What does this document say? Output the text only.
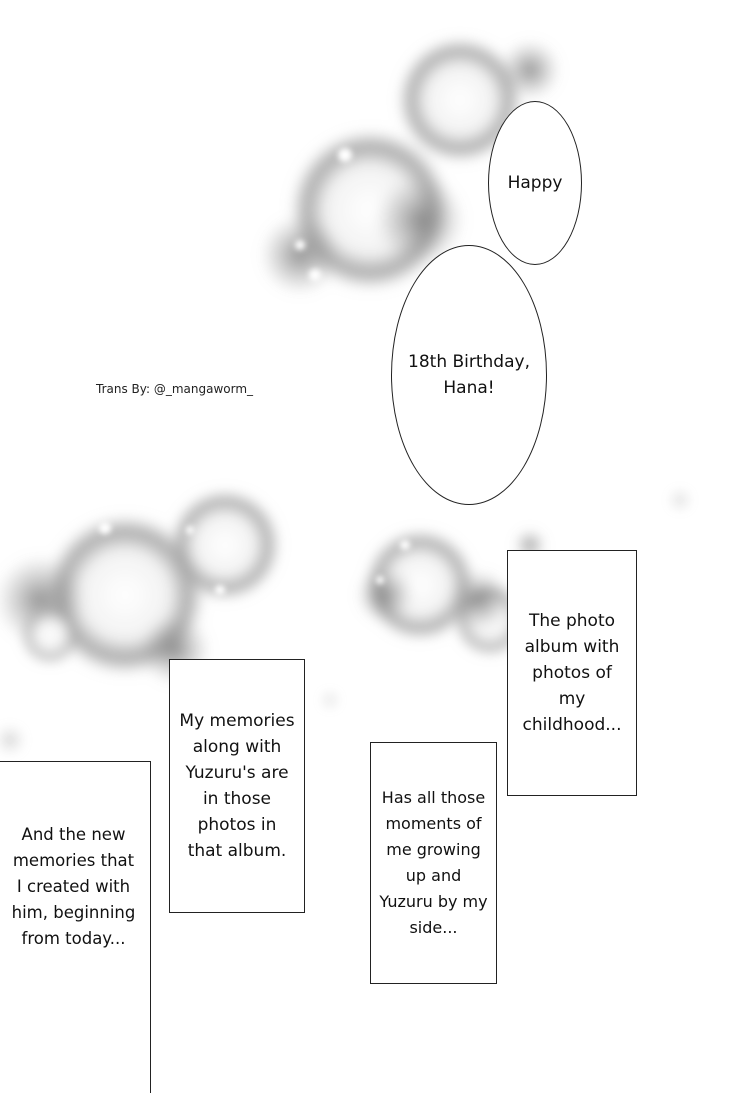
Trans By: @_mangaworm_
Happy
18th Birthday,
Hana!
The photo
album with
photos of
my
childhood...
My memories
along with
Yuzuru's are
in those
photos in
that album.
Has all those
moments of
me growing
up and
Yuzuru by my
side...
And the new
memories that
I created with
him, beginning
from today...
